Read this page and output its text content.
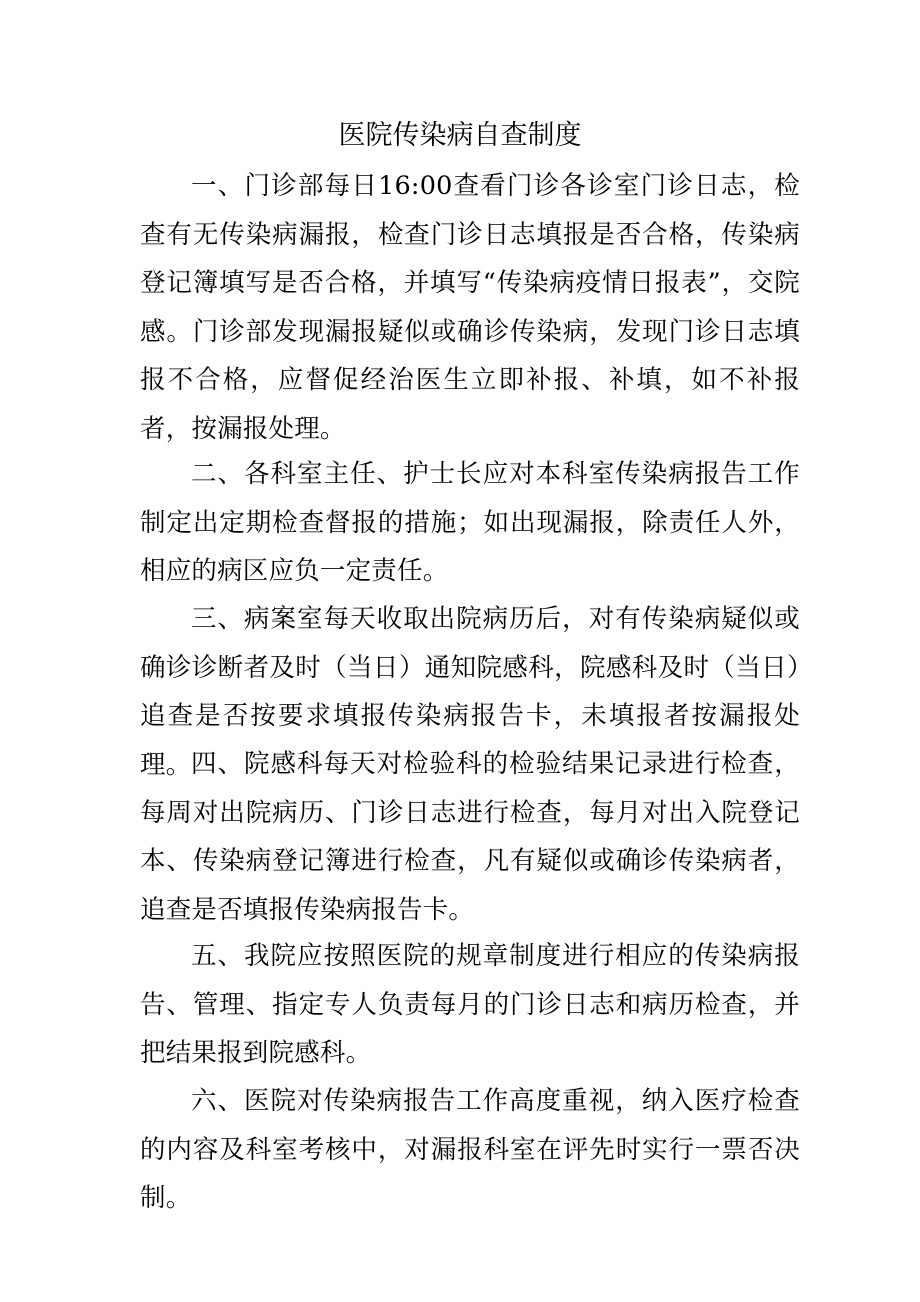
医院传染病自查制度

一、门诊部每日16:00查看门诊各诊室门诊日志，检查有无传染病漏报，检查门诊日志填报是否合格，传染病登记簿填写是否合格，并填写“传染病疫情日报表”，交院感。门诊部发现漏报疑似或确诊传染病，发现门诊日志填报不合格，应督促经治医生立即补报、补填，如不补报者，按漏报处理。

二、各科室主任、护士长应对本科室传染病报告工作制定出定期检查督报的措施；如出现漏报，除责任人外，相应的病区应负一定责任。

三、病案室每天收取出院病历后，对有传染病疑似或确诊诊断者及时（当日）通知院感科，院感科及时（当日）追查是否按要求填报传染病报告卡，未填报者按漏报处理。 四、院感科每天对检验科的检验结果记录进行检查，每周对出院病历、门诊日志进行检查，每月对出入院登记本、传染病登记簿进行检查，凡有疑似或确诊传染病者，追查是否填报传染病报告卡。

五、我院应按照医院的规章制度进行相应的传染病报告、管理、指定专人负责每月的门诊日志和病历检查，并把结果报到院感科。

六、医院对传染病报告工作高度重视，纳入医疗检查的内容及科室考核中，对漏报科室在评先时实行一票否决制。
